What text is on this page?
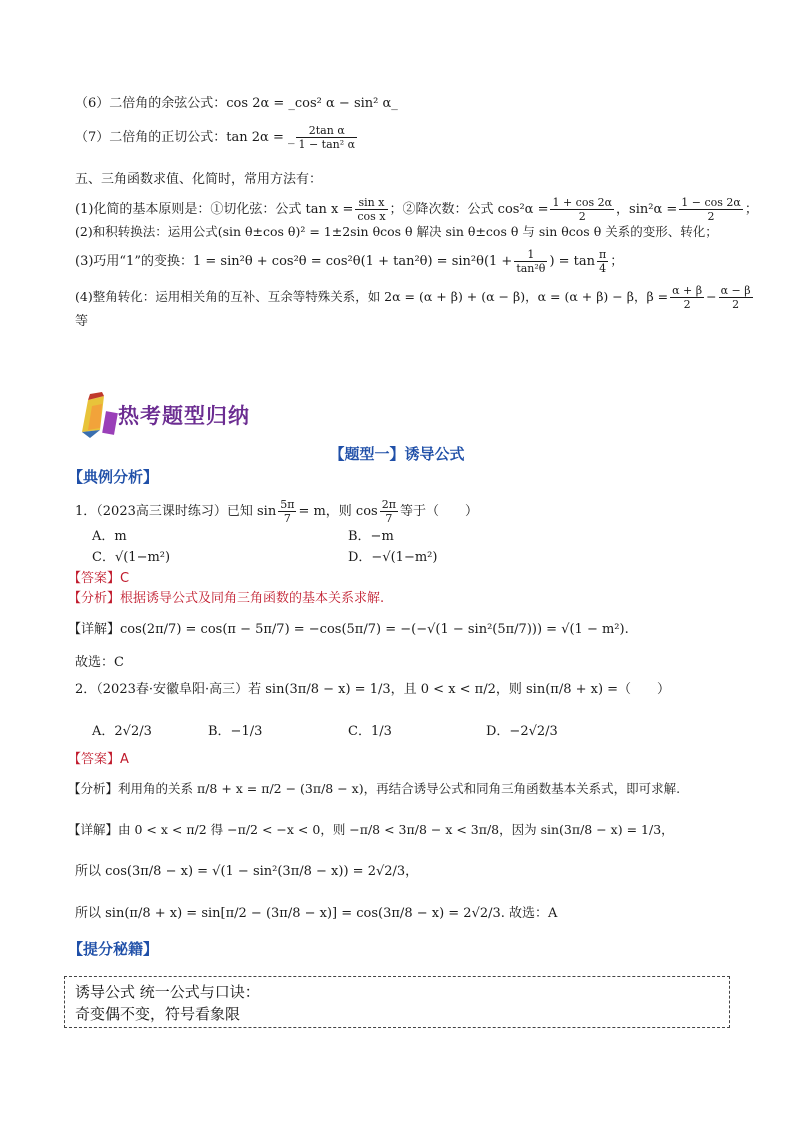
（6）二倍角的余弦公式：cos 2α = _cos² α − sin² α_
（7）二倍角的正切公式：tan 2α = _ $\frac{\text{2tan α}}{\text{1 − tan² α}}$
五、三角函数求值、化简时，常用方法有：
(1)化简的基本原则是：①切化弦：公式 $\tan x = \frac{\text{sin x}}{\text{cos x}}$ ；②降次数：公式 $\cos^2\alpha = \frac{1 + \cos 2\alpha}{2}$ ，$\sin^2\alpha = \frac{1 - \cos 2\alpha}{2}$ ；
(2)和积转换法：运用公式(sin θ±cos θ)² = 1±2sin θcos θ 解决 sin θ±cos θ 与 sin θcos θ 关系的变形、转化；
(3)巧用“1”的变换：$1 = \sin^2\theta + \cos^2\theta = \cos^2\theta(1 + \tan^2\theta) = \sin^2\theta(1 + \frac{1}{\text{tan²θ}}$ ) = $\tan \frac{\pi}{4}$ ；
(4)整角转化：运用相关角的互补、互余等特殊关系，如 2α = (α + β) + (α − β)，α = (α + β) − β，$\beta = \frac{\alpha + \beta}{2} - \frac{\alpha - \beta}{2}$
等
热考题型归纳
【题型一】诱导公式
【典例分析】
1．（2023高三课时练习）已知 $\sin \frac{5\pi}{7} = m$，则 $\cos \frac{2\pi}{7}$ 等于（　　）
A．m	B．−m
C．√(1−m²)	D．−√(1−m²)
【答案】C
【分析】根据诱导公式及同角三角函数的基本关系求解.
【详解】cos(2π/7) = cos(π − 5π/7) = −cos(5π/7) = −(−√(1 − sin²(5π/7))) = √(1 − m²).
故选：C
2．（2023春·安徽阜阳·高三）若 sin(3π/8 − x) = 1/3，且 0 < x < π/2，则 sin(π/8 + x) =（　　）
A．2√2/3	B．−1/3	C．1/3	D．−2√2/3
【答案】A
【分析】利用角的关系 π/8 + x = π/2 − (3π/8 − x)，再结合诱导公式和同角三角函数基本关系式，即可求解.
【详解】由 0 < x < π/2 得 −π/2 < −x < 0，则 −π/8 < 3π/8 − x < 3π/8，因为 sin(3π/8 − x) = 1/3，
所以 cos(3π/8 − x) = √(1 − sin²(3π/8 − x)) = 2√2/3，
所以 sin(π/8 + x) = sin[π/2 − (3π/8 − x)] = cos(3π/8 − x) = 2√2/3. 故选：A
【提分秘籍】
诱导公式 统一公式与口诀：
奇变偶不变，符号看象限
